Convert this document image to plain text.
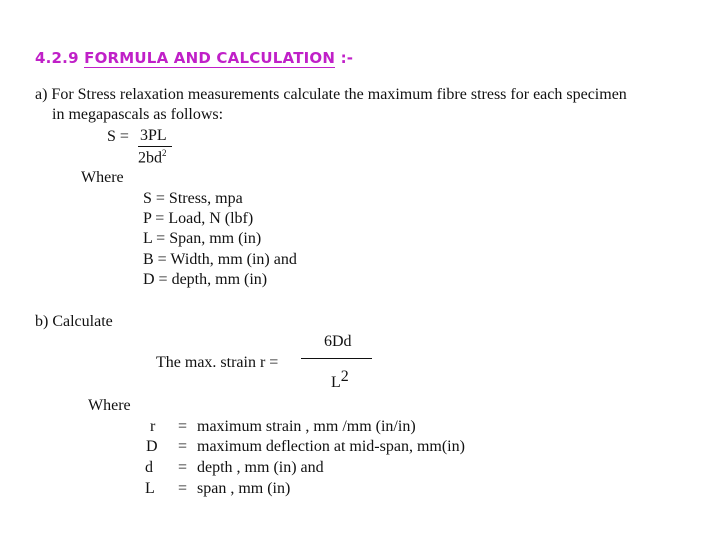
4.2.9 FORMULA AND CALCULATION :-
a) For Stress relaxation measurements calculate the maximum fibre stress for each specimen
in megapascals as follows:
S = 3PL
$2bd^2$
Where
S = Stress, mpa
P = Load, N (lbf)
L = Span, mm (in)
B = Width, mm (in) and
D = depth, mm (in)
b) Calculate
6Dd
The max. strain r =
L2
Where
r = maximum strain , mm /mm (in/in)
D = maximum deflection at mid-span, mm(in)
d = depth , mm (in) and
L = span , mm (in)
